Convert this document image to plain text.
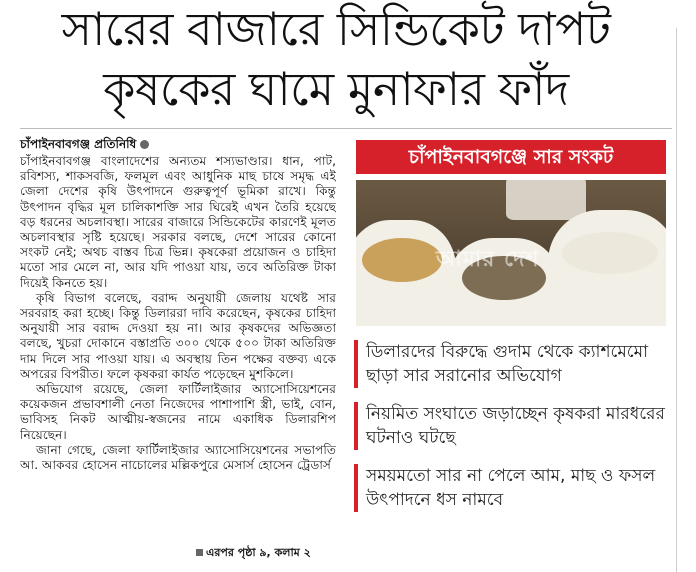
সারের বাজারে সিন্ডিকেট দাপট
কৃষকের ঘামে মুনাফার ফাঁদ
চাঁপাইনবাবগঞ্জ প্রতিনিধি

চাঁপাইনবাবগঞ্জ বাংলাদেশের অন্যতম শস্যভাণ্ডার। ধান, পাট, রবিশস্য, শাকসবজি, ফলমূল এবং আধুনিক মাছ চাষে সমৃদ্ধ এই জেলা দেশের কৃষি উৎপাদনে গুরুত্বপূর্ণ ভূমিকা রাখে। কিন্তু উৎপাদন বৃদ্ধির মূল চালিকাশক্তি সার ঘিরেই এখন তৈরি হয়েছে বড় ধরনের অচলাবস্থা। সারের বাজারে সিন্ডিকেটের কারণেই মূলত অচলাবস্থার সৃষ্টি হয়েছে। সরকার বলছে, দেশে সারের কোনো সংকট নেই; অথচ বাস্তব চিত্র ভিন্ন। কৃষকেরা প্রয়োজন ও চাহিদা মতো সার মেলে না, আর যদি পাওয়া যায়, তবে অতিরিক্ত টাকা দিয়েই কিনতে হয়।

কৃষি বিভাগ বলেছে, বরাদ্দ অনুযায়ী জেলায় যথেষ্ট সার সরবরাহ করা হচ্ছে। কিন্তু ডিলাররা দাবি করেছেন, কৃষকের চাহিদা অনুযায়ী সার বরাদ্দ দেওয়া হয় না। আর কৃষকদের অভিজ্ঞতা বলছে, খুচরা দোকানে বস্তাপ্রতি ৩০০ থেকে ৫০০ টাকা অতিরিক্ত দাম দিলে সার পাওয়া যায়। এ অবস্থায় তিন পক্ষের বক্তব্য একে অপরের বিপরীত। ফলে কৃষকরা কার্যত পড়েছেন মুশকিলে।

অভিযোগ রয়েছে, জেলা ফার্টিলাইজার অ্যাসোসিয়েশনের কয়েকজন প্রভাবশালী নেতা নিজেদের পাশাপাশি স্ত্রী, ভাই, বোন, ভাবিসহ নিকট আত্মীয়-স্বজনের নামে একাধিক ডিলারশিপ নিয়েছেন।

জানা গেছে, জেলা ফার্টিলাইজার অ্যাসোসিয়েশনের সভাপতি আ. আকবর হোসেন নাচোলের মল্লিকপুরে মেসার্স হোসেন ট্রেডার্স

এরপর পৃষ্ঠা ৯, কলাম ২
চাঁপাইনবাবগঞ্জে সার সংকট
আমার দেশ
ডিলারদের বিরুদ্ধে গুদাম থেকে ক্যাশমেমো ছাড়া সার সরানোর অভিযোগ
নিয়মিত সংঘাতে জড়াচ্ছেন কৃষকরা মারধরের ঘটনাও ঘটছে
সময়মতো সার না পেলে আম, মাছ ও ফসল উৎপাদনে ধস নামবে
